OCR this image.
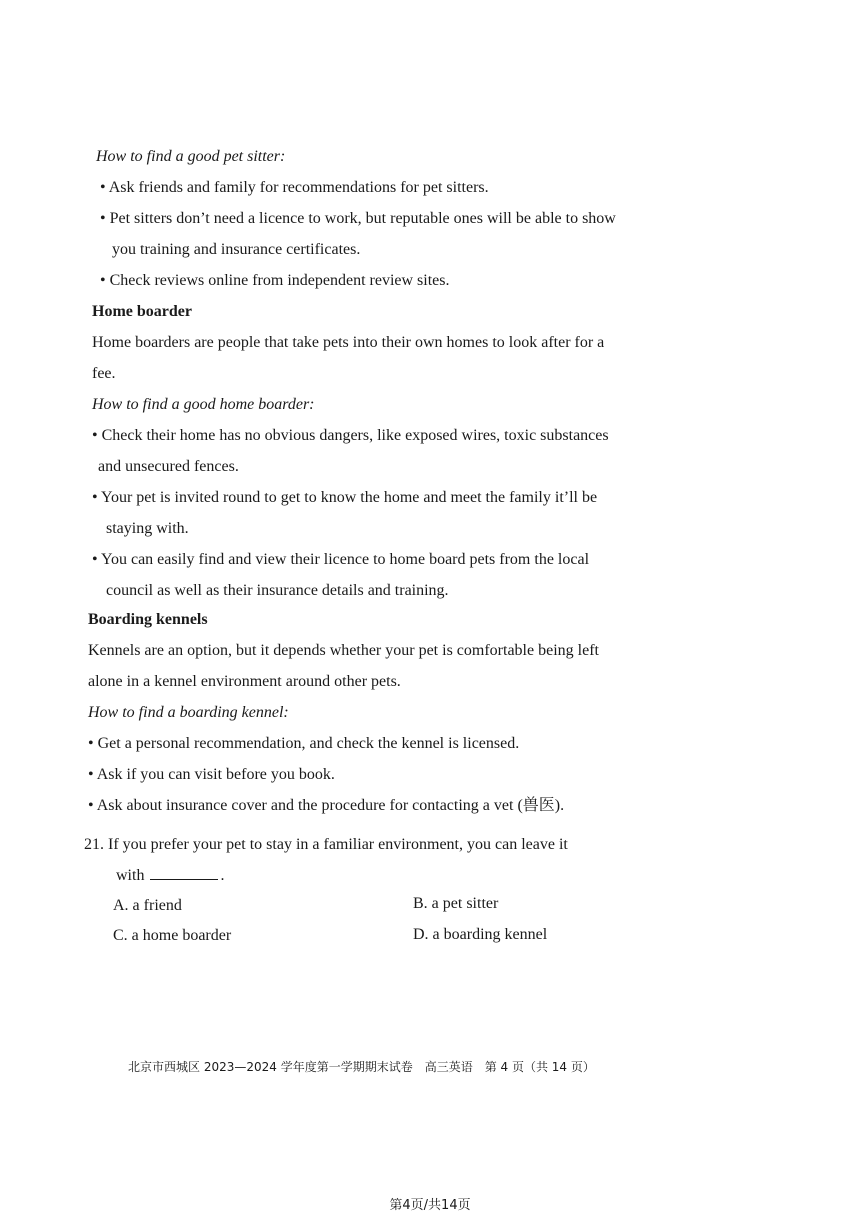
How to find a good pet sitter:
• Ask friends and family for recommendations for pet sitters.
• Pet sitters don’t need a licence to work, but reputable ones will be able to show
you training and insurance certificates.
• Check reviews online from independent review sites.
Home boarder
Home boarders are people that take pets into their own homes to look after for a
fee.
How to find a good home boarder:
• Check their home has no obvious dangers, like exposed wires, toxic substances
and unsecured fences.
• Your pet is invited round to get to know the home and meet the family it’ll be
staying with.
• You can easily find and view their licence to home board pets from the local
council as well as their insurance details and training.
Boarding kennels
Kennels are an option, but it depends whether your pet is comfortable being left
alone in a kennel environment around other pets.
How to find a boarding kennel:
• Get a personal recommendation, and check the kennel is licensed.
• Ask if you can visit before you book.
• Ask about insurance cover and the procedure for contacting a vet (兽医).
21. If you prefer your pet to stay in a familiar environment, you can leave it
with	.
A. a friend	B. a pet sitter
C. a home boarder	D. a boarding kennel
北京市西城区 2023—2024 学年度第一学期期末试卷　高三英语　第 4 页（共 14 页）
第4页/共14页
